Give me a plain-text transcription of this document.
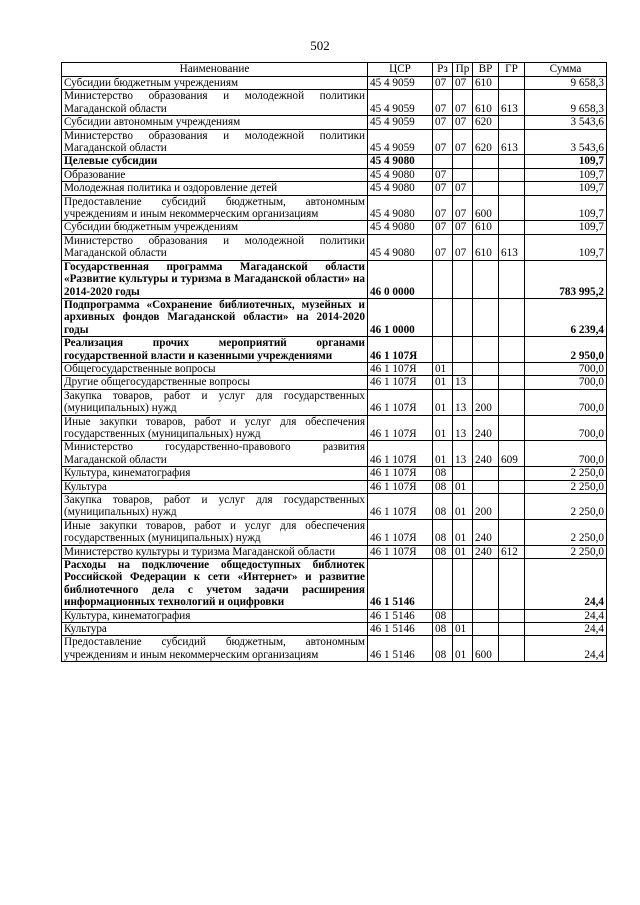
502
Наименование	ЦСР	Рз	Пр	ВР	ГР	Сумма
Субсидии бюджетным учреждениям	45 4 9059	07	07	610		9 658,3
Министерство образования и молодежной политики Магаданской области	45 4 9059	07	07	610	613	9 658,3
Субсидии автономным учреждениям	45 4 9059	07	07	620		3 543,6
Министерство образования и молодежной политики Магаданской области	45 4 9059	07	07	620	613	3 543,6
Целевые субсидии	45 4 9080					109,7
Образование	45 4 9080	07				109,7
Молодежная политика и оздоровление детей	45 4 9080	07	07			109,7
Предоставление субсидий бюджетным, автономным учреждениям и иным некоммерческим организациям	45 4 9080	07	07	600		109,7
Субсидии бюджетным учреждениям	45 4 9080	07	07	610		109,7
Министерство образования и молодежной политики Магаданской области	45 4 9080	07	07	610	613	109,7
Государственная программа Магаданской области «Развитие культуры и туризма в Магаданской области» на 2014-2020 годы	46 0 0000					783 995,2
Подпрограмма «Сохранение библиотечных, музейных и архивных фондов Магаданской области» на 2014-2020 годы	46 1 0000					6 239,4
Реализация прочих мероприятий органами государственной власти и казенными учреждениями	46 1 107Я					2 950,0
Общегосударственные вопросы	46 1 107Я	01				700,0
Другие общегосударственные вопросы	46 1 107Я	01	13			700,0
Закупка товаров, работ и услуг для государственных (муниципальных) нужд	46 1 107Я	01	13	200		700,0
Иные закупки товаров, работ и услуг для обеспечения государственных (муниципальных) нужд	46 1 107Я	01	13	240		700,0
Министерство государственно-правового развития Магаданской области	46 1 107Я	01	13	240	609	700,0
Культура, кинематография	46 1 107Я	08				2 250,0
Культура	46 1 107Я	08	01			2 250,0
Закупка товаров, работ и услуг для государственных (муниципальных) нужд	46 1 107Я	08	01	200		2 250,0
Иные закупки товаров, работ и услуг для обеспечения государственных (муниципальных) нужд	46 1 107Я	08	01	240		2 250,0
Министерство культуры и туризма Магаданской области	46 1 107Я	08	01	240	612	2 250,0
Расходы на подключение общедоступных библиотек Российской Федерации к сети «Интернет» и развитие библиотечного дела с учетом задачи расширения информационных технологий и оцифровки	46 1 5146					24,4
Культура, кинематография	46 1 5146	08				24,4
Культура	46 1 5146	08	01			24,4
Предоставление субсидий бюджетным, автономным учреждениям и иным некоммерческим организациям	46 1 5146	08	01	600		24,4
